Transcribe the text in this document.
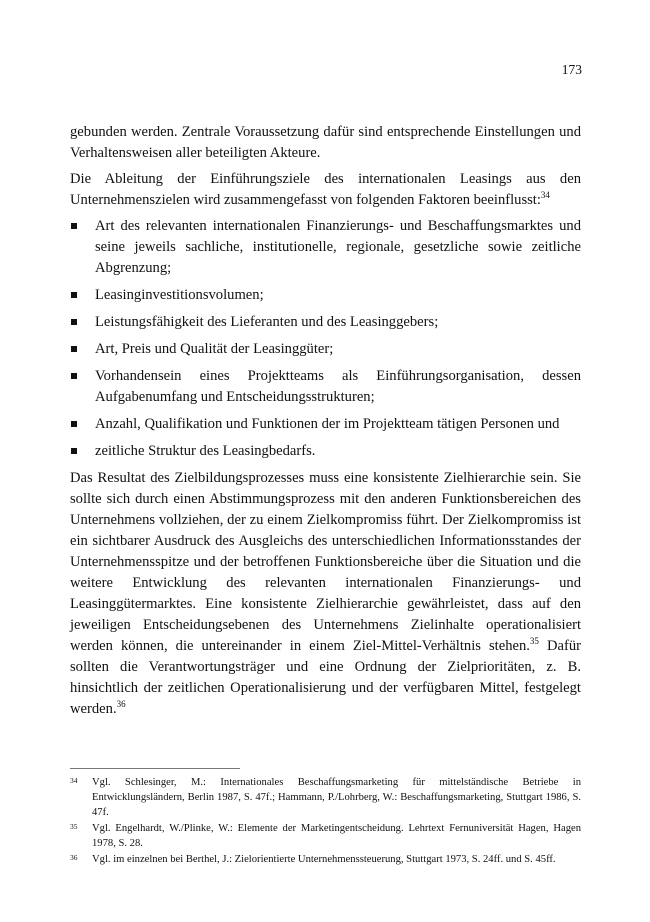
173

gebunden werden. Zentrale Voraussetzung dafür sind entsprechende Einstellungen und Verhaltensweisen aller beteiligten Akteure.

Die Ableitung der Einführungsziele des internationalen Leasings aus den Unternehmenszielen wird zusammengefasst von folgenden Faktoren beeinflusst:$^{34}$

Art des relevanten internationalen Finanzierungs- und Beschaffungsmarktes und seine jeweils sachliche, institutionelle, regionale, gesetzliche sowie zeitliche Abgrenzung;
Leasinginvestitionsvolumen;
Leistungsfähigkeit des Lieferanten und des Leasinggebers;
Art, Preis und Qualität der Leasinggüter;
Vorhandensein eines Projektteams als Einführungsorganisation, dessen Aufgabenumfang und Entscheidungsstrukturen;
Anzahl, Qualifikation und Funktionen der im Projektteam tätigen Personen und
zeitliche Struktur des Leasingbedarfs.

Das Resultat des Zielbildungsprozesses muss eine konsistente Zielhierarchie sein. Sie sollte sich durch einen Abstimmungsprozess mit den anderen Funktionsbereichen des Unternehmens vollziehen, der zu einem Zielkompromiss führt. Der Zielkompromiss ist ein sichtbarer Ausdruck des Ausgleichs des unterschiedlichen Informationsstandes der Unternehmensspitze und der betroffenen Funktionsbereiche über die Situation und die weitere Entwicklung des relevanten internationalen Finanzierungs- und Leasinggütermarktes. Eine konsistente Zielhierarchie gewährleistet, dass auf den jeweiligen Entscheidungsebenen des Unternehmens Zielinhalte operationalisiert werden können, die untereinander in einem Ziel-Mittel-Verhältnis stehen.$^{35}$ Dafür sollten die Verantwortungsträger und eine Ordnung der Zielprioritäten, z. B. hinsichtlich der zeitlichen Operationalisierung und der verfügbaren Mittel, festgelegt werden.$^{36}$

34 Vgl. Schlesinger, M.: Internationales Beschaffungsmarketing für mittelständische Betriebe in Entwicklungsländern, Berlin 1987, S. 47f.; Hammann, P./Lohrberg, W.: Beschaffungsmarketing, Stuttgart 1986, S. 47f.
35 Vgl. Engelhardt, W./Plinke, W.: Elemente der Marketingentscheidung. Lehrtext Fernuniversität Hagen, Hagen 1978, S. 28.
36 Vgl. im einzelnen bei Berthel, J.: Zielorientierte Unternehmenssteuerung, Stuttgart 1973, S. 24ff. und S. 45ff.
